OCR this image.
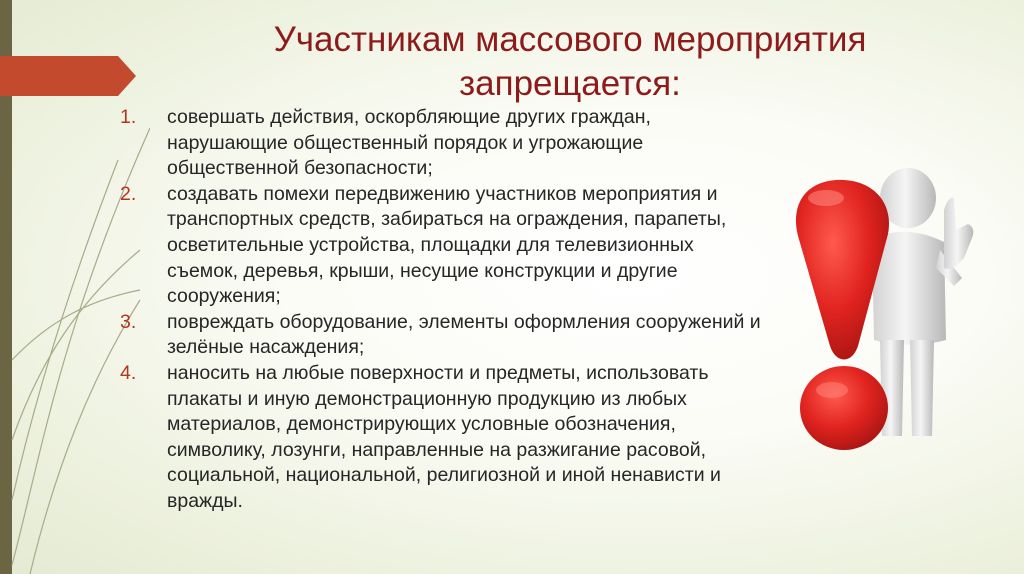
Участникам массового мероприятия
запрещается:
1.	совершать действия, оскорбляющие других граждан, нарушающие общественный порядок и угрожающие общественной безопасности;
2.	создавать помехи передвижению участников мероприятия и транспортных средств, забираться на ограждения, парапеты, осветительные устройства, площадки для телевизионных съемок, деревья, крыши, несущие конструкции и другие сооружения;
3.	повреждать оборудование, элементы оформления сооружений и зелёные насаждения;
4.	наносить на любые поверхности и предметы, использовать плакаты и иную демонстрационную продукцию из любых материалов, демонстрирующих условные обозначения, символику, лозунги, направленные на разжигание расовой, социальной, национальной, религиозной и иной ненависти и вражды.
